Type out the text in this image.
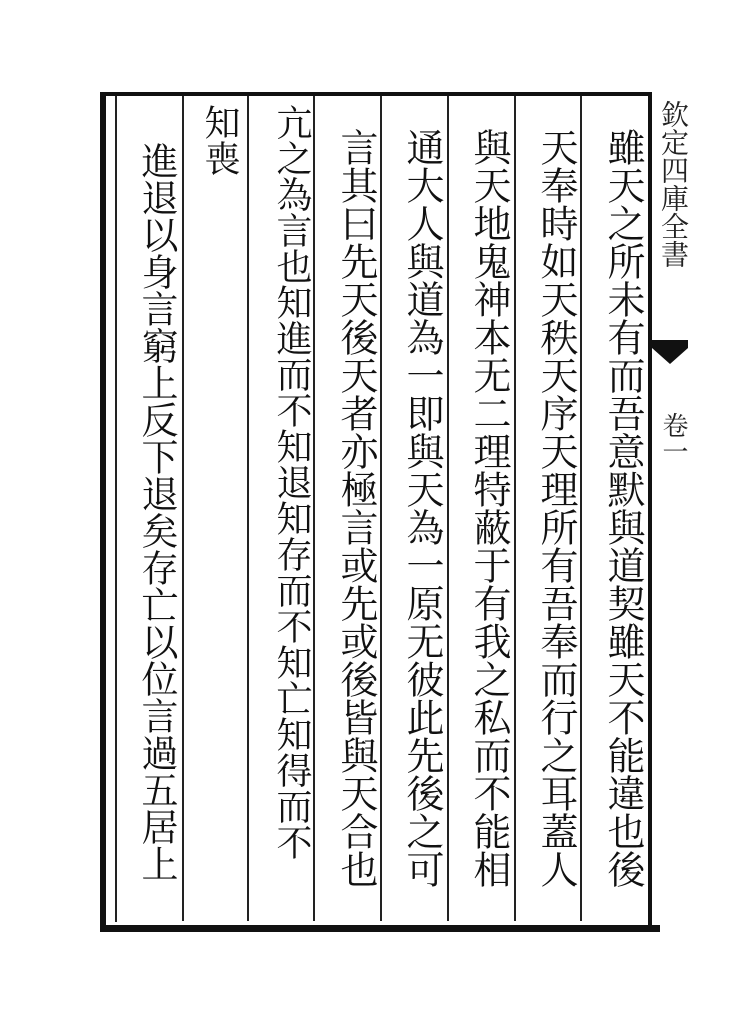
欽定四庫全書
卷一
雖天之所未有而吾意默與道契雖天不能違也後
天奉時如天秩天序天理所有吾奉而行之耳蓋人
與天地鬼神本无二理特蔽于有我之私而不能相
通大人與道為一即與天為一原无彼此先後之可
言其曰先天後天者亦極言或先或後皆與天合也
亢之為言也知進而不知退知存而不知亡知得而不
知喪
進退以身言窮上反下退矣存亡以位言過五居上
